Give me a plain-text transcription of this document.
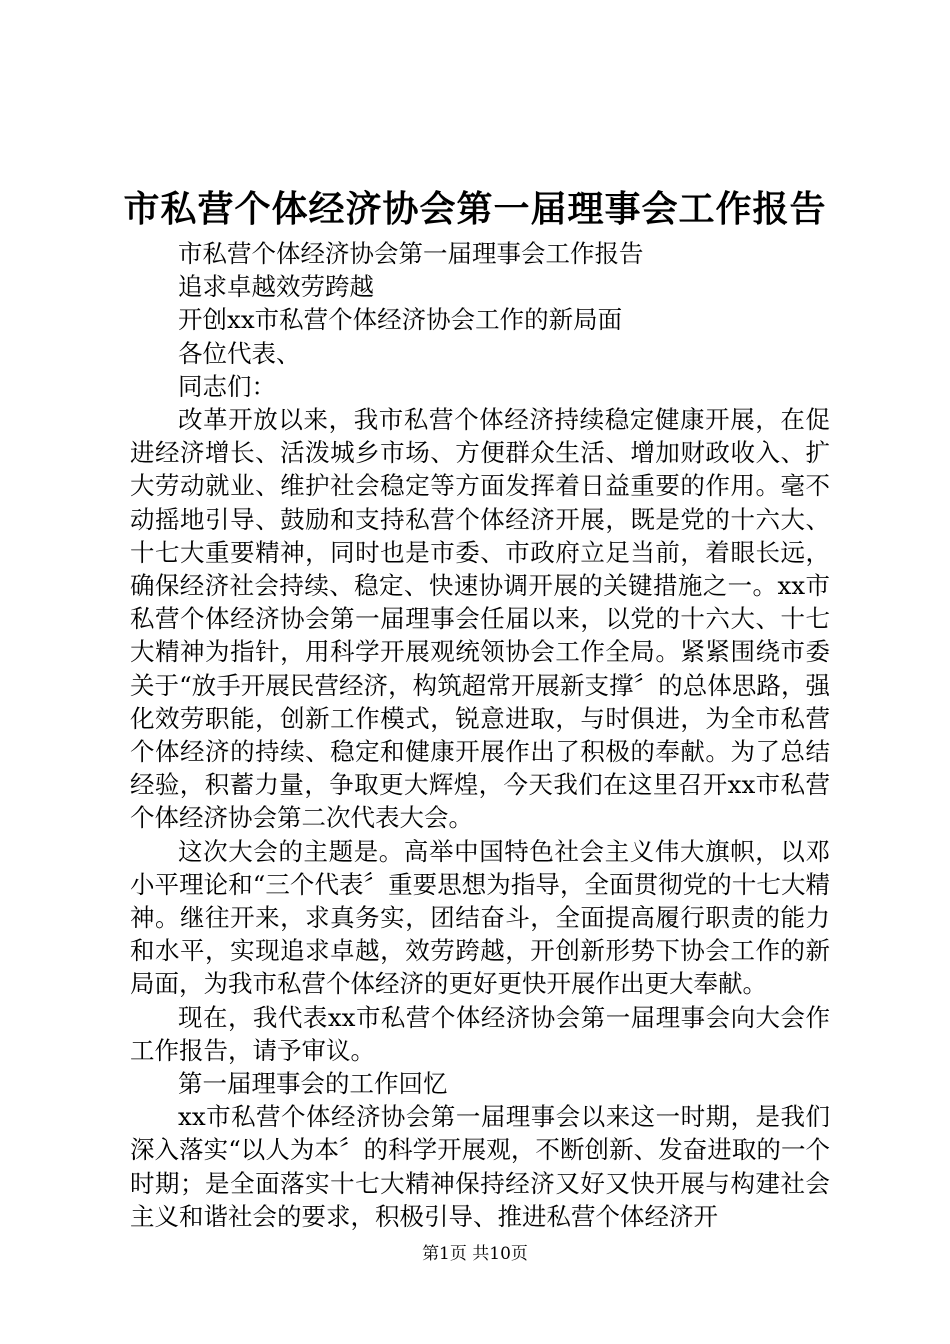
市私营个体经济协会第一届理事会工作报告

市私营个体经济协会第一届理事会工作报告

追求卓越效劳跨越

开创xx市私营个体经济协会工作的新局面

各位代表、

同志们：

改革开放以来，我市私营个体经济持续稳定健康开展，在促进经济增长、活泼城乡市场、方便群众生活、增加财政收入、扩大劳动就业、维护社会稳定等方面发挥着日益重要的作用。毫不动摇地引导、鼓励和支持私营个体经济开展，既是党的十六大、十七大重要精神，同时也是市委、市政府立足当前，着眼长远，确保经济社会持续、稳定、快速协调开展的关键措施之一。xx市私营个体经济协会第一届理事会任届以来，以党的十六大、十七大精神为指针，用科学开展观统领协会工作全局。紧紧围绕市委关于“放手开展民营经济，构筑超常开展新支撑〞的总体思路，强化效劳职能，创新工作模式，锐意进取，与时俱进，为全市私营个体经济的持续、稳定和健康开展作出了积极的奉献。为了总结经验，积蓄力量，争取更大辉煌，今天我们在这里召开xx市私营个体经济协会第二次代表大会。

这次大会的主题是。高举中国特色社会主义伟大旗帜，以邓小平理论和“三个代表〞重要思想为指导，全面贯彻党的十七大精神。继往开来，求真务实，团结奋斗，全面提高履行职责的能力和水平，实现追求卓越，效劳跨越，开创新形势下协会工作的新局面，为我市私营个体经济的更好更快开展作出更大奉献。

现在，我代表xx市私营个体经济协会第一届理事会向大会作工作报告，请予审议。

第一届理事会的工作回忆

xx市私营个体经济协会第一届理事会以来这一时期，是我们深入落实“以人为本〞的科学开展观，不断创新、发奋进取的一个时期；是全面落实十七大精神保持经济又好又快开展与构建社会主义和谐社会的要求，积极引导、推进私营个体经济开

第1页 共10页
